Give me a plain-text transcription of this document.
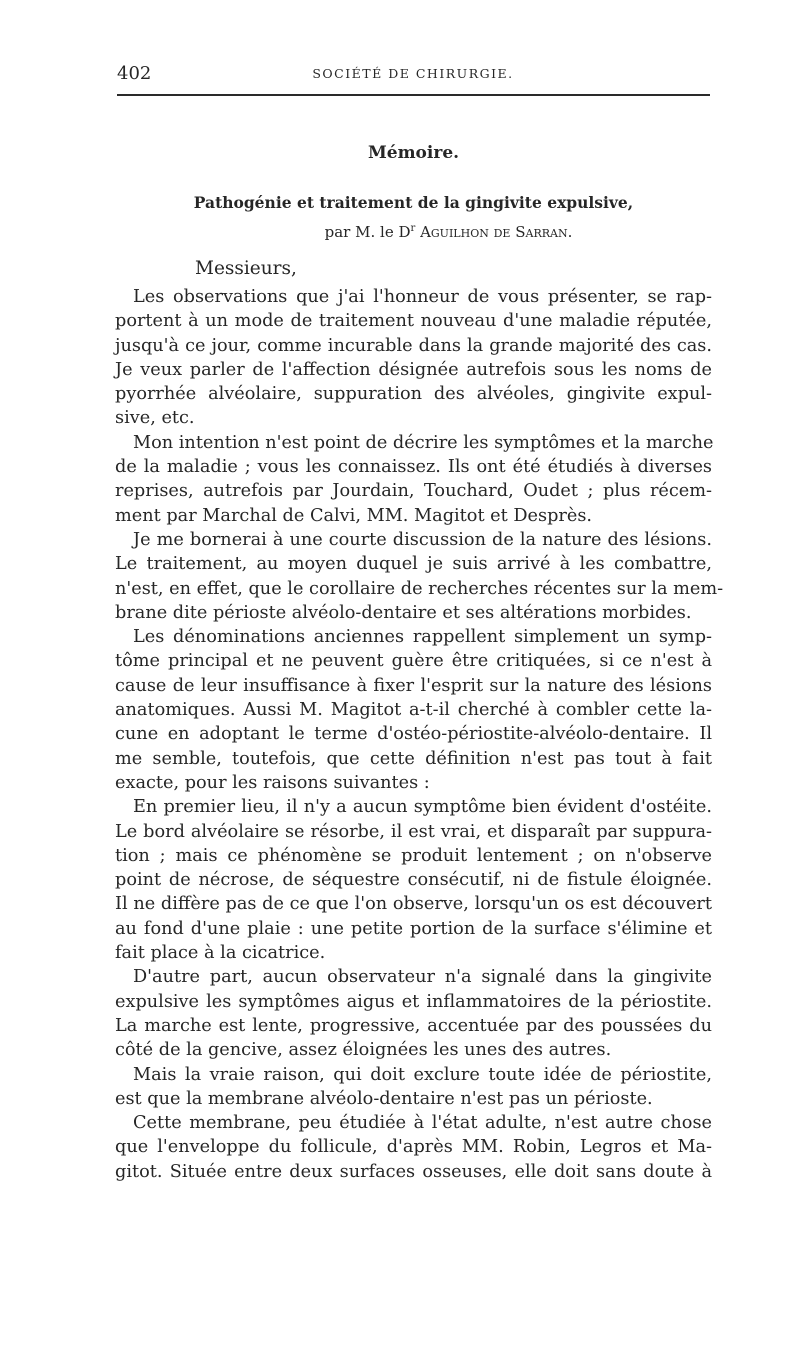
402	SOCIÉTÉ DE CHIRURGIE.
Mémoire.
Pathogénie et traitement de la gingivite expulsive,
par M. le $D^r$ Aguilhon de Sarran.
Messieurs,
Les observations que j'ai l'honneur de vous présenter, se rap-
portent à un mode de traitement nouveau d'une maladie réputée,
jusqu'à ce jour, comme incurable dans la grande majorité des cas.
Je veux parler de l'affection désignée autrefois sous les noms de
pyorrhée alvéolaire, suppuration des alvéoles, gingivite expul-
sive, etc.
Mon intention n'est point de décrire les symptômes et la marche
de la maladie ; vous les connaissez. Ils ont été étudiés à diverses
reprises, autrefois par Jourdain, Touchard, Oudet ; plus récem-
ment par Marchal de Calvi, MM. Magitot et Desprès.
Je me bornerai à une courte discussion de la nature des lésions.
Le traitement, au moyen duquel je suis arrivé à les combattre,
n'est, en effet, que le corollaire de recherches récentes sur la mem-
brane dite périoste alvéolo-dentaire et ses altérations morbides.
Les dénominations anciennes rappellent simplement un symp-
tôme principal et ne peuvent guère être critiquées, si ce n'est à
cause de leur insuffisance à fixer l'esprit sur la nature des lésions
anatomiques. Aussi M. Magitot a-t-il cherché à combler cette la-
cune en adoptant le terme d'ostéo-périostite-alvéolo-dentaire. Il
me semble, toutefois, que cette définition n'est pas tout à fait
exacte, pour les raisons suivantes :
En premier lieu, il n'y a aucun symptôme bien évident d'ostéite.
Le bord alvéolaire se résorbe, il est vrai, et disparaît par suppura-
tion ; mais ce phénomène se produit lentement ; on n'observe
point de nécrose, de séquestre consécutif, ni de fistule éloignée.
Il ne diffère pas de ce que l'on observe, lorsqu'un os est découvert
au fond d'une plaie : une petite portion de la surface s'élimine et
fait place à la cicatrice.
D'autre part, aucun observateur n'a signalé dans la gingivite
expulsive les symptômes aigus et inflammatoires de la périostite.
La marche est lente, progressive, accentuée par des poussées du
côté de la gencive, assez éloignées les unes des autres.
Mais la vraie raison, qui doit exclure toute idée de périostite,
est que la membrane alvéolo-dentaire n'est pas un périoste.
Cette membrane, peu étudiée à l'état adulte, n'est autre chose
que l'enveloppe du follicule, d'après MM. Robin, Legros et Ma-
gitot. Située entre deux surfaces osseuses, elle doit sans doute à
